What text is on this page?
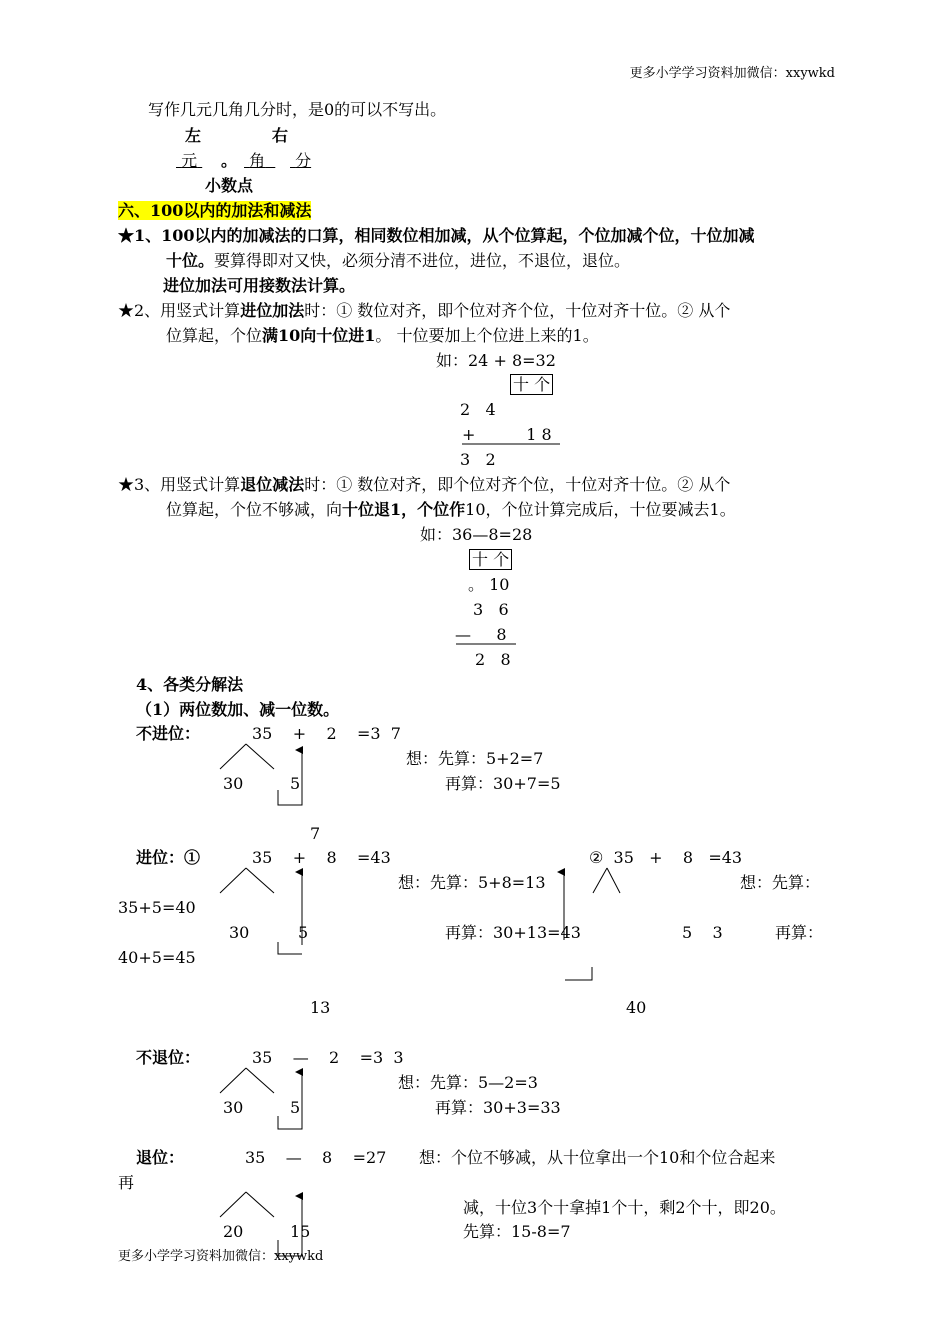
更多小学学习资料加微信：xxywkd
写作几元几角几分时，是0的可以不写出。
左	右
元	。 角	分
小数点
六、100以内的加法和减法
★1、100以内的加减法的口算，相同数位相加减，从个位算起，个位加减个位，十位加减
十位。要算得即对又快，必须分清不进位，进位，不退位，退位。
进位加法可用接数法计算。
★2、用竖式计算进位加法时：① 数位对齐，即个位对齐个位，十位对齐十位。② 从个
位算起，个位满10向十位进1。 十位要加上个位进上来的1。
如：24 + 8=32
十 个
2   4
+          1 8
3   2
★3、用竖式计算退位减法时：① 数位对齐，即个位对齐个位，十位对齐十位。② 从个
位算起，个位不够减，向十位退1，个位作10，个位计算完成后，十位要减去1。
如：36—8=28
十 个
。 10
3   6
—     8
2   8
4、各类分解法
（1）两位数加、减一位数。
不进位：	35    +    2    =3  7
想：先算：5+2=7
30	5	再算：30+7=5
7
进位：①	35    +    8    =43	②  35   +    8   =43
想：先算：5+8=13	想：先算：
35+5=40
30	5	再算：30+13=43	5    3	再算：
40+5=45
13	40
不退位：	35    —    2    =3  3
想：先算：5—2=3
30	5	再算：30+3=33
退位：	35    —    8    =27 想：个位不够减，从十位拿出一个10和个位合起来
再
减，十位3个十拿掉1个十，剩2个十，即20。
20	15	先算：15-8=7
更多小学学习资料加微信：xxywkd
